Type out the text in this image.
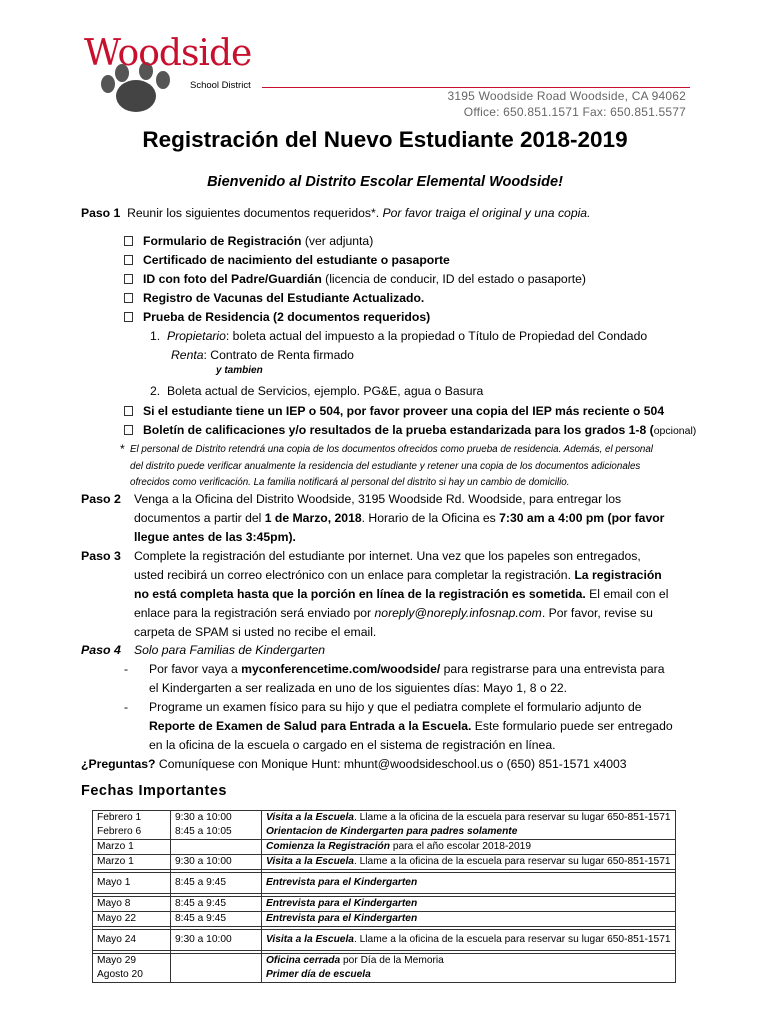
Woodside
School District
3195 Woodside Road Woodside, CA 94062
Office: 650.851.1571 Fax: 650.851.5577
Registración del Nuevo Estudiante 2018-2019
Bienvenido al Distrito Escolar Elemental Woodside!
Paso 1 Reunir los siguientes documentos requeridos*. Por favor traiga el original y una copia.
Formulario de Registración (ver adjunta)
Certificado de nacimiento del estudiante o pasaporte
ID con foto del Padre/Guardián (licencia de conducir, ID del estado o pasaporte)
Registro de Vacunas del Estudiante Actualizado.
Prueba de Residencia (2 documentos requeridos)
1. Propietario: boleta actual del impuesto a la propiedad o Título de Propiedad del Condado
Renta: Contrato de Renta firmado
y tambien
2. Boleta actual de Servicios, ejemplo. PG&E, agua o Basura
Si el estudiante tiene un IEP o 504, por favor proveer una copia del IEP más reciente o 504
Boletín de calificaciones y/o resultados de la prueba estandarizada para los grados 1-8 (opcional)
* El personal de Distrito retendrá una copia de los documentos ofrecidos como prueba de residencia. Además, el personal
del distrito puede verificar anualmente la residencia del estudiante y retener una copia de los documentos adicionales
ofrecidos como verificación. La familia notificará al personal del distrito si hay un cambio de domicilio.
Paso 2 Venga a la Oficina del Distrito Woodside, 3195 Woodside Rd. Woodside, para entregar los
documentos a partir del 1 de Marzo, 2018. Horario de la Oficina es 7:30 am a 4:00 pm (por favor
llegue antes de las 3:45pm).
Paso 3 Complete la registración del estudiante por internet. Una vez que los papeles son entregados,
usted recibirá un correo electrónico con un enlace para completar la registración. La registración
no está completa hasta que la porción en línea de la registración es sometida. El email con el
enlace para la registración será enviado por noreply@noreply.infosnap.com. Por favor, revise su
carpeta de SPAM si usted no recibe el email.
Paso 4 Solo para Familias de Kindergarten
- Por favor vaya a myconferencetime.com/woodside/ para registrarse para una entrevista para
el Kindergarten a ser realizada en uno de los siguientes días: Mayo 1, 8 o 22.
- Programe un examen físico para su hijo y que el pediatra complete el formulario adjunto de
Reporte de Examen de Salud para Entrada a la Escuela. Este formulario puede ser entregado
en la oficina de la escuela o cargado en el sistema de registración en línea.
¿Preguntas? Comuníquese con Monique Hunt: mhunt@woodsideschool.us o (650) 851-1571 x4003
Fechas Importantes
Febrero 1	9:30 a 10:00	Visita a la Escuela. Llame a la oficina de la escuela para reservar su lugar 650-851-1571
Febrero 6	8:45 a 10:05	Orientacion de Kindergarten para padres solamente
Marzo 1		Comienza la Registración para el año escolar 2018-2019
Marzo 1	9:30 a 10:00	Visita a la Escuela. Llame a la oficina de la escuela para reservar su lugar 650-851-1571

Mayo 1	8:45 a 9:45	Entrevista para el Kindergarten

Mayo 8	8:45 a 9:45	Entrevista para el Kindergarten
Mayo 22	8:45 a 9:45	Entrevista para el Kindergarten

Mayo 24	9:30 a 10:00	Visita a la Escuela. Llame a la oficina de la escuela para reservar su lugar 650-851-1571

Mayo 29		Oficina cerrada por Día de la Memoria
Agosto 20		Primer día de escuela
